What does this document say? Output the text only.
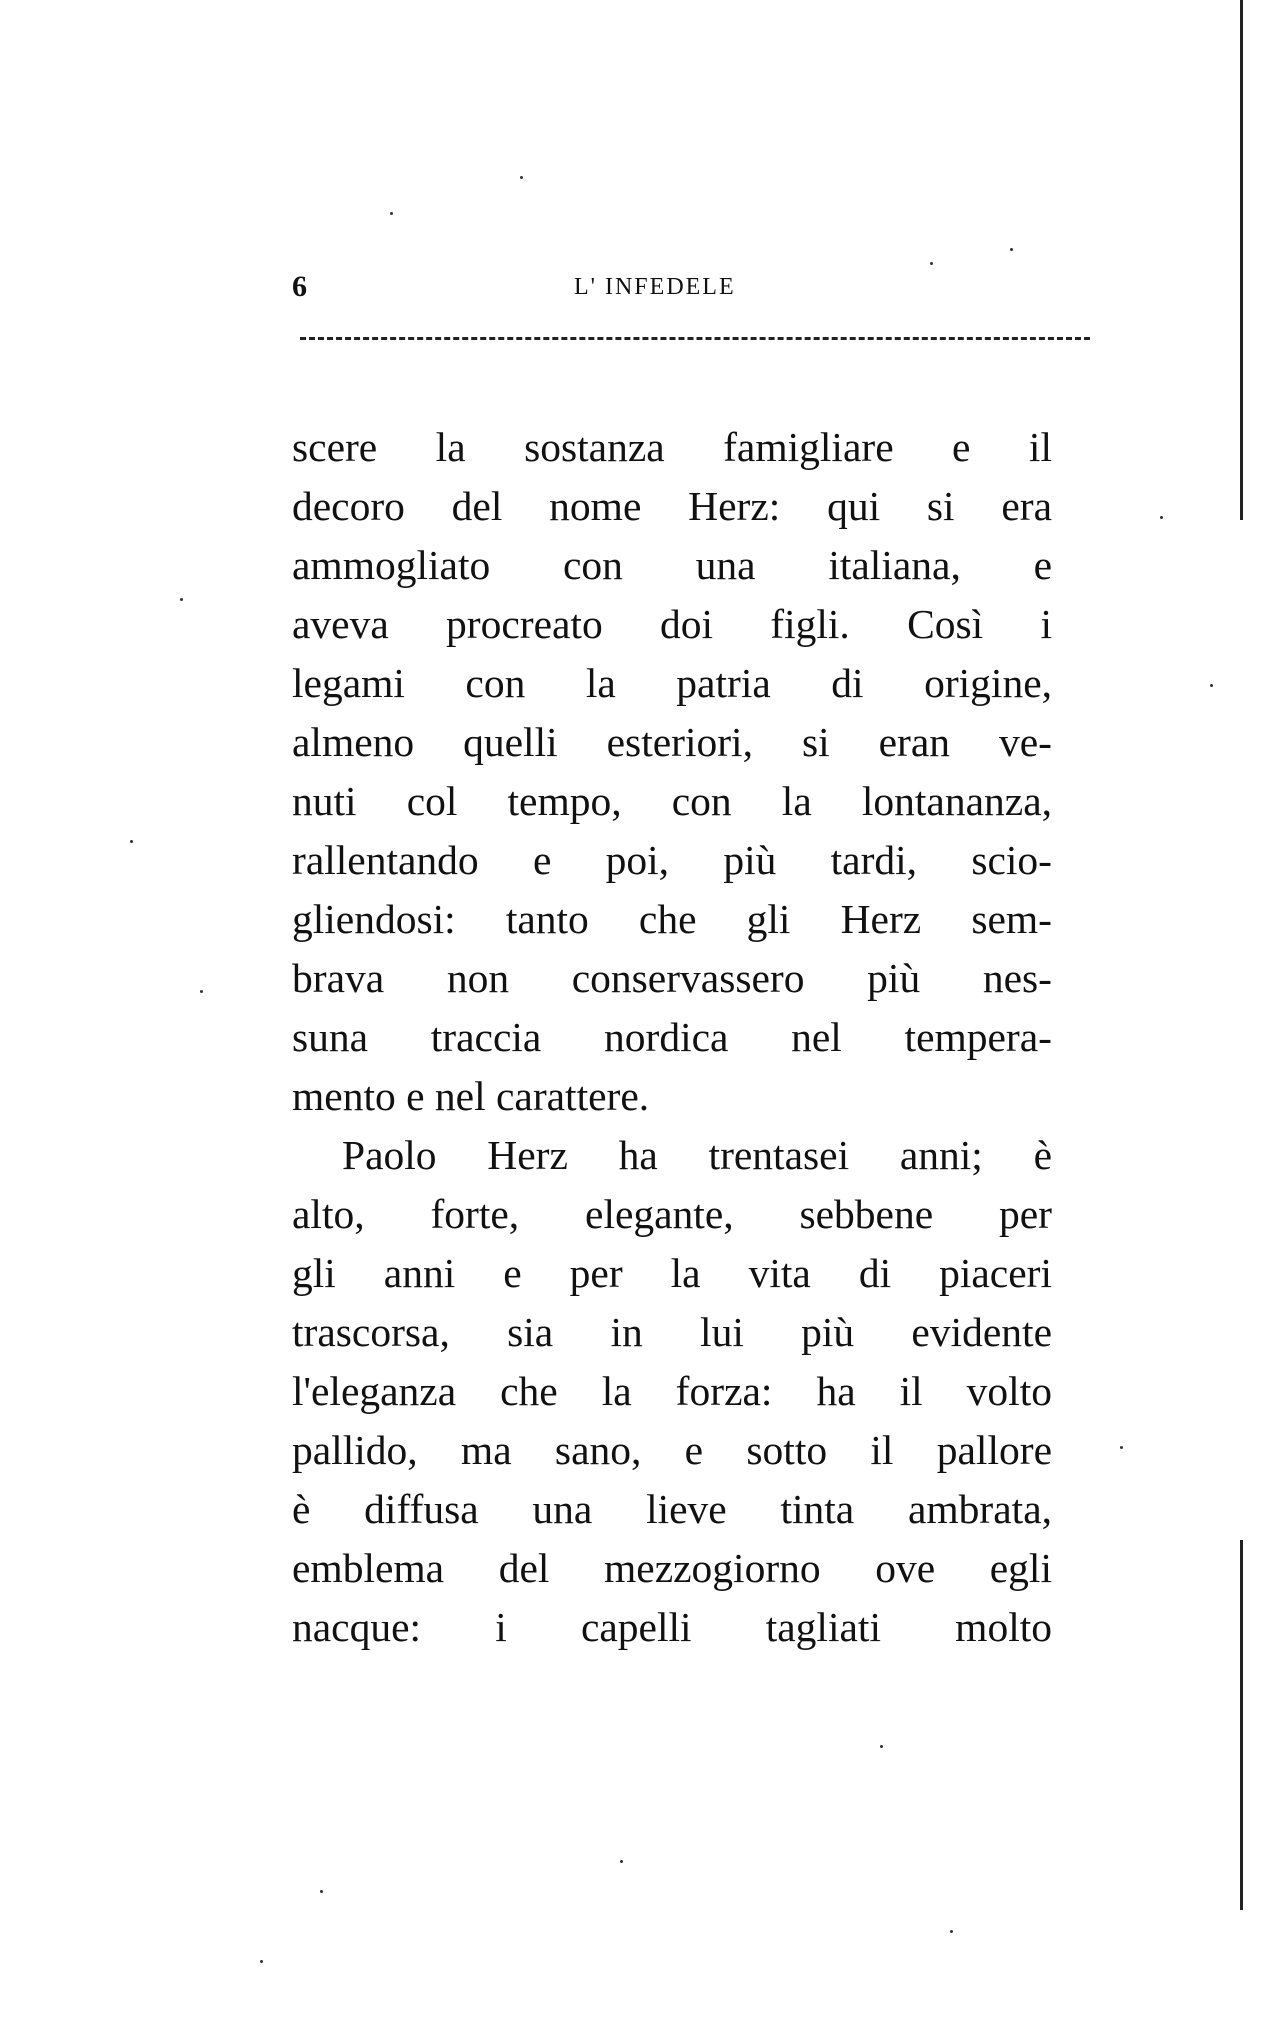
6	L' INFEDELE
scere la sostanza famigliare e il
decoro del nome Herz: qui si era
ammogliato con una italiana, e
aveva procreato doi figli. Così i
legami con la patria di origine,
almeno quelli esteriori, si eran ve-
nuti col tempo, con la lontananza,
rallentando e poi, più tardi, scio-
gliendosi: tanto che gli Herz sem-
brava non conservassero più nes-
suna traccia nordica nel tempera-
mento e nel carattere.
Paolo Herz ha trentasei anni; è
alto, forte, elegante, sebbene per
gli anni e per la vita di piaceri
trascorsa, sia in lui più evidente
l'eleganza che la forza: ha il volto
pallido, ma sano, e sotto il pallore
è diffusa una lieve tinta ambrata,
emblema del mezzogiorno ove egli
nacque: i capelli tagliati molto
